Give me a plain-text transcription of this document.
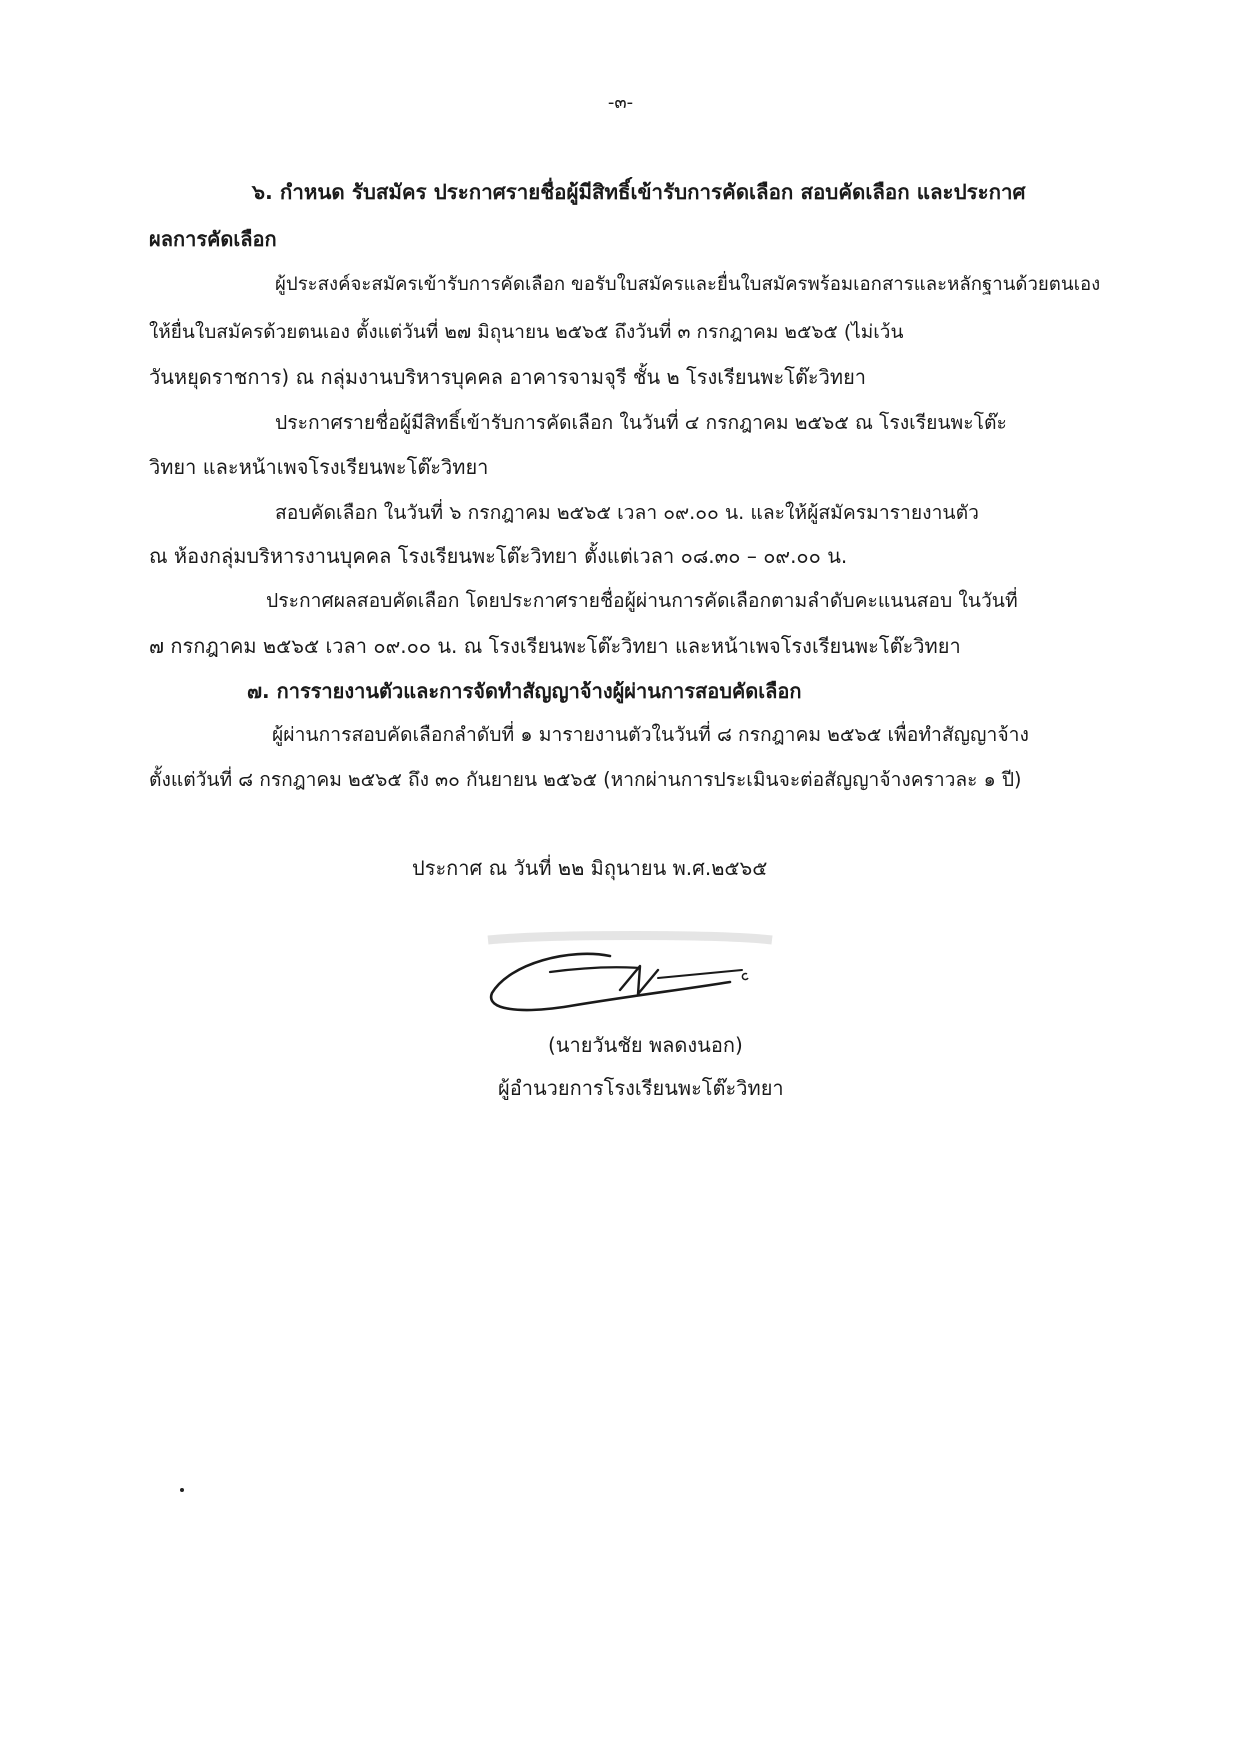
-๓-
๖. กำหนด รับสมัคร ประกาศรายชื่อผู้มีสิทธิ์เข้ารับการคัดเลือก สอบคัดเลือก และประกาศ
ผลการคัดเลือก
ผู้ประสงค์จะสมัครเข้ารับการคัดเลือก ขอรับใบสมัครและยื่นใบสมัครพร้อมเอกสารและหลักฐานด้วยตนเอง
ให้ยื่นใบสมัครด้วยตนเอง ตั้งแต่วันที่ ๒๗ มิถุนายน ๒๕๖๕ ถึงวันที่ ๓ กรกฎาคม ๒๕๖๕ (ไม่เว้น
วันหยุดราชการ) ณ กลุ่มงานบริหารบุคคล อาคารจามจุรี ชั้น ๒ โรงเรียนพะโต๊ะวิทยา
ประกาศรายชื่อผู้มีสิทธิ์เข้ารับการคัดเลือก ในวันที่ ๔ กรกฎาคม ๒๕๖๕ ณ โรงเรียนพะโต๊ะ
วิทยา และหน้าเพจโรงเรียนพะโต๊ะวิทยา
สอบคัดเลือก ในวันที่ ๖ กรกฎาคม ๒๕๖๕ เวลา ๐๙.๐๐ น. และให้ผู้สมัครมารายงานตัว
ณ ห้องกลุ่มบริหารงานบุคคล โรงเรียนพะโต๊ะวิทยา ตั้งแต่เวลา ๐๘.๓๐ – ๐๙.๐๐ น.
ประกาศผลสอบคัดเลือก โดยประกาศรายชื่อผู้ผ่านการคัดเลือกตามลำดับคะแนนสอบ ในวันที่
๗ กรกฎาคม ๒๕๖๕ เวลา ๐๙.๐๐ น. ณ โรงเรียนพะโต๊ะวิทยา และหน้าเพจโรงเรียนพะโต๊ะวิทยา
๗. การรายงานตัวและการจัดทำสัญญาจ้างผู้ผ่านการสอบคัดเลือก
ผู้ผ่านการสอบคัดเลือกลำดับที่ ๑ มารายงานตัวในวันที่ ๘ กรกฎาคม ๒๕๖๕ เพื่อทำสัญญาจ้าง
ตั้งแต่วันที่ ๘ กรกฎาคม ๒๕๖๕ ถึง ๓๐ กันยายน ๒๕๖๕ (หากผ่านการประเมินจะต่อสัญญาจ้างคราวละ ๑ ปี)
ประกาศ ณ วันที่ ๒๒ มิถุนายน พ.ศ.๒๕๖๕
(นายวันชัย พลดงนอก)
ผู้อำนวยการโรงเรียนพะโต๊ะวิทยา
